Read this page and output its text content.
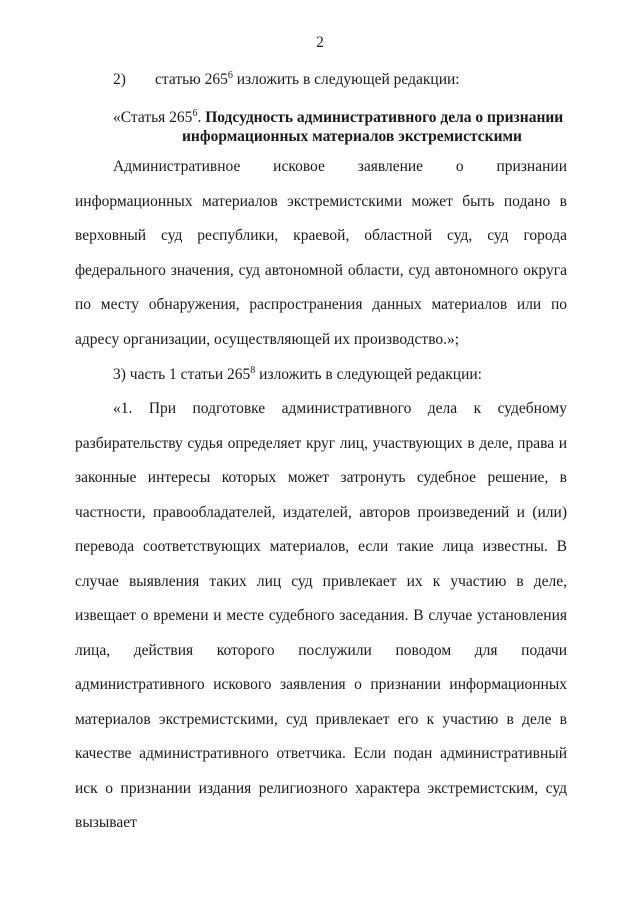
2
2) статью $265^6$ изложить в следующей редакции:
«Статья $265^6$. Подсудность административного дела о признании
информационных материалов экстремистскими

Административное исковое заявление о признании информационных материалов экстремистскими может быть подано в верховный суд республики, краевой, областной суд, суд города федерального значения, суд автономной области, суд автономного округа по месту обнаружения, распространения данных материалов или по адресу организации, осуществляющей их производство.»;

3) часть 1 статьи $265^8$ изложить в следующей редакции:

«1. При подготовке административного дела к судебному разбирательству судья определяет круг лиц, участвующих в деле, права и законные интересы которых может затронуть судебное решение, в частности, правообладателей, издателей, авторов произведений и (или) перевода соответствующих материалов, если такие лица известны. В случае выявления таких лиц суд привлекает их к участию в деле, извещает о времени и месте судебного заседания. В случае установления лица, действия которого послужили поводом для подачи административного искового заявления о признании информационных материалов экстремистскими, суд привлекает его к участию в деле в качестве административного ответчика. Если подан административный иск о признании издания религиозного характера экстремистским, суд вызывает
